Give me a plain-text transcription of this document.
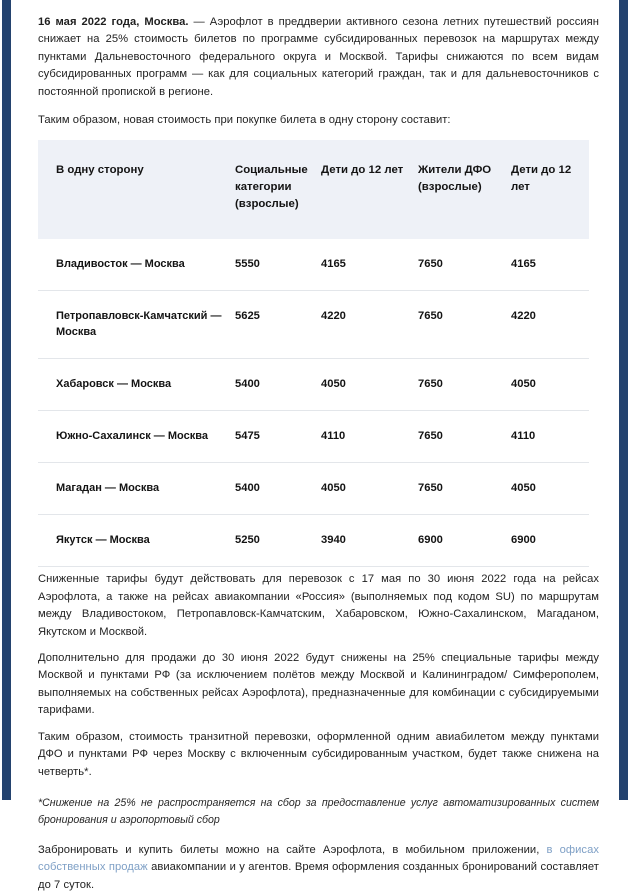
16 мая 2022 года, Москва. — Аэрофлот в преддверии активного сезона летних путешествий россиян снижает на 25% стоимость билетов по программе субсидированных перевозок на маршрутах между пунктами Дальневосточного федерального округа и Москвой. Тарифы снижаются по всем видам субсидированных программ — как для социальных категорий граждан, так и для дальневосточников с постоянной пропиской в регионе.

Таким образом, новая стоимость при покупке билета в одну сторону составит:

В одну сторону	Социальные категории (взрослые)	Дети до 12 лет	Жители ДФО (взрослые)	Дети до 12 лет
Владивосток — Москва	5550	4165	7650	4165
Петропавловск-Камчатский — Москва	5625	4220	7650	4220
Хабаровск — Москва	5400	4050	7650	4050
Южно-Сахалинск — Москва	5475	4110	7650	4110
Магадан — Москва	5400	4050	7650	4050
Якутск — Москва	5250	3940	6900	6900

Сниженные тарифы будут действовать для перевозок с 17 мая по 30 июня 2022 года на рейсах Аэрофлота, а также на рейсах авиакомпании «Россия» (выполняемых под кодом SU) по маршрутам между Владивостоком, Петропавловск-Камчатским, Хабаровском, Южно-Сахалинском, Магаданом, Якутском и Москвой.

Дополнительно для продажи до 30 июня 2022 будут снижены на 25% специальные тарифы между Москвой и пунктами РФ (за исключением полётов между Москвой и Калининградом/ Симферополем, выполняемых на собственных рейсах Аэрофлота), предназначенные для комбинации с субсидируемыми тарифами.

Таким образом, стоимость транзитной перевозки, оформленной одним авиабилетом между пунктами ДФО и пунктами РФ через Москву с включенным субсидированным участком, будет также снижена на четверть*.

*Снижение на 25% не распространяется на сбор за предоставление услуг автоматизированных систем бронирования и аэропортовый сбор

Забронировать и купить билеты можно на сайте Аэрофлота, в мобильном приложении, в офисах собственных продаж авиакомпании и у агентов. Время оформления созданных бронирований составляет до 7 суток.
